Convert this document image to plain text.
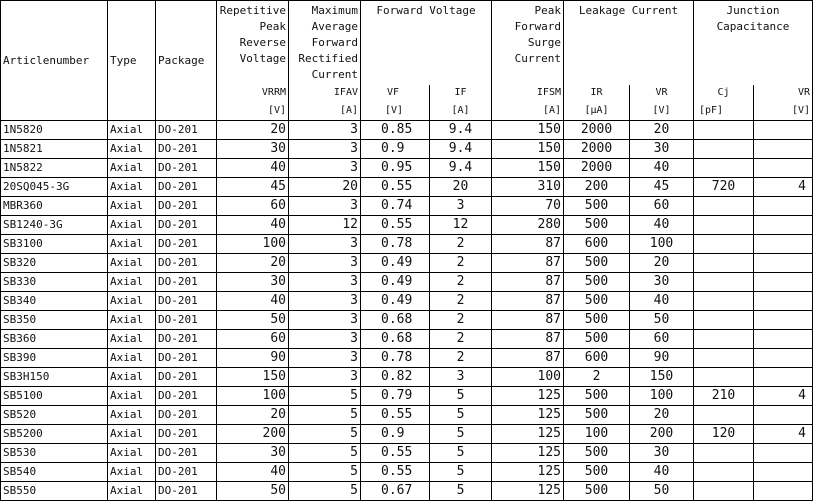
Articlenumber	Type	Package	Repetitive Peak Reverse Voltage	Maximum Average Forward Rectified Current	Forward Voltage		Peak Forward Surge Current	Leakage Current		Junction Capacitance	
			VRRM	IFAV	VF	IF	IFSM	IR	VR	Cj	VR
			[V]	[A]	[V]	[A]	[A]	[μA]	[V]	[pF]	[V]
1N5820	Axial	DO-201	20	3	0.85	9.4	150	2000	20		
1N5821	Axial	DO-201	30	3	0.9	9.4	150	2000	30		
1N5822	Axial	DO-201	40	3	0.95	9.4	150	2000	40		
20SQ045-3G	Axial	DO-201	45	20	0.55	20	310	200	45	720	4
MBR360	Axial	DO-201	60	3	0.74	3	70	500	60		
SB1240-3G	Axial	DO-201	40	12	0.55	12	280	500	40		
SB3100	Axial	DO-201	100	3	0.78	2	87	600	100		
SB320	Axial	DO-201	20	3	0.49	2	87	500	20		
SB330	Axial	DO-201	30	3	0.49	2	87	500	30		
SB340	Axial	DO-201	40	3	0.49	2	87	500	40		
SB350	Axial	DO-201	50	3	0.68	2	87	500	50		
SB360	Axial	DO-201	60	3	0.68	2	87	500	60		
SB390	Axial	DO-201	90	3	0.78	2	87	600	90		
SB3H150	Axial	DO-201	150	3	0.82	3	100	2	150		
SB5100	Axial	DO-201	100	5	0.79	5	125	500	100	210	4
SB520	Axial	DO-201	20	5	0.55	5	125	500	20		
SB5200	Axial	DO-201	200	5	0.9	5	125	100	200	120	4
SB530	Axial	DO-201	30	5	0.55	5	125	500	30		
SB540	Axial	DO-201	40	5	0.55	5	125	500	40		
SB550	Axial	DO-201	50	5	0.67	5	125	500	50		
